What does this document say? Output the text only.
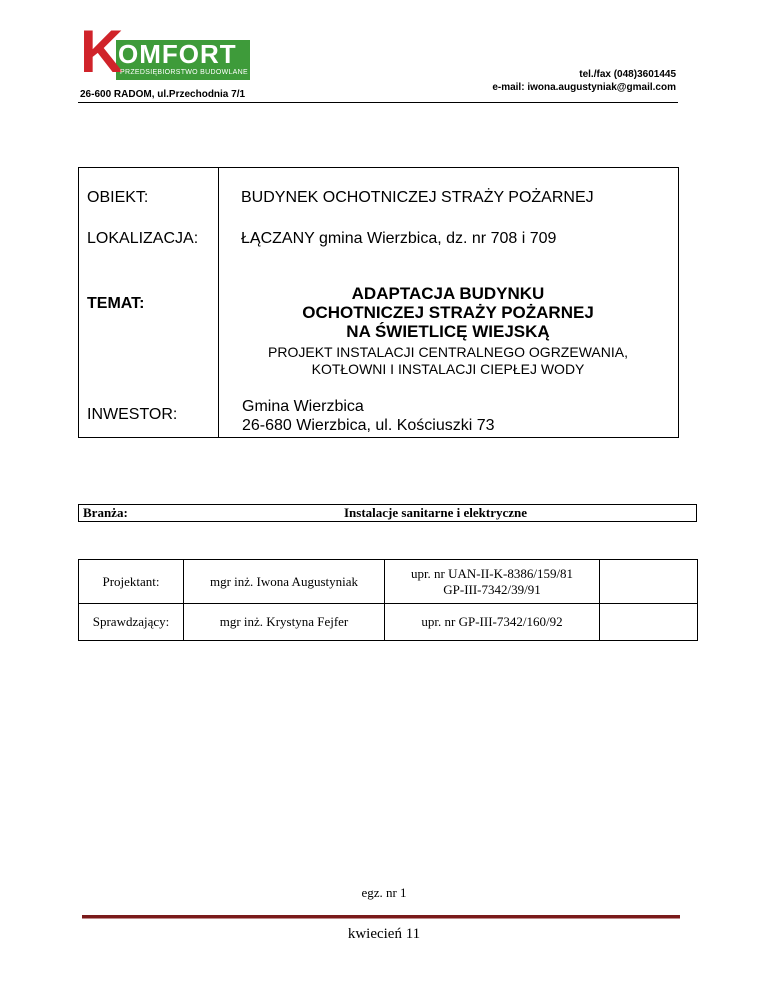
K
OMFORT
PRZEDSIĘBIORSTWO BUDOWLANE
26-600 RADOM, ul.Przechodnia 7/1
tel./fax (048)3601445
e-mail: iwona.augustyniak@gmail.com
OBIEKT:	BUDYNEK OCHOTNICZEJ STRAŻY POŻARNEJ
LOKALIZACJA:	ŁĄCZANY gmina Wierzbica, dz. nr 708 i 709
TEMAT:
ADAPTACJA BUDYNKU
OCHOTNICZEJ STRAŻY POŻARNEJ
NA ŚWIETLICĘ WIEJSKĄ
PROJEKT INSTALACJI CENTRALNEGO OGRZEWANIA,
KOTŁOWNI I INSTALACJI CIEPŁEJ WODY
INWESTOR:	Gmina Wierzbica
26-680 Wierzbica, ul. Kościuszki 73
Branża:	Instalacje sanitarne i elektryczne
Projektant:	mgr inż. Iwona Augustyniak	upr. nr UAN-II-K-8386/159/81
GP-III-7342/39/91	

Sprawdzający:	mgr inż. Krystyna Fejfer	upr. nr GP-III-7342/160/92	

egz. nr 1
kwiecień 11
